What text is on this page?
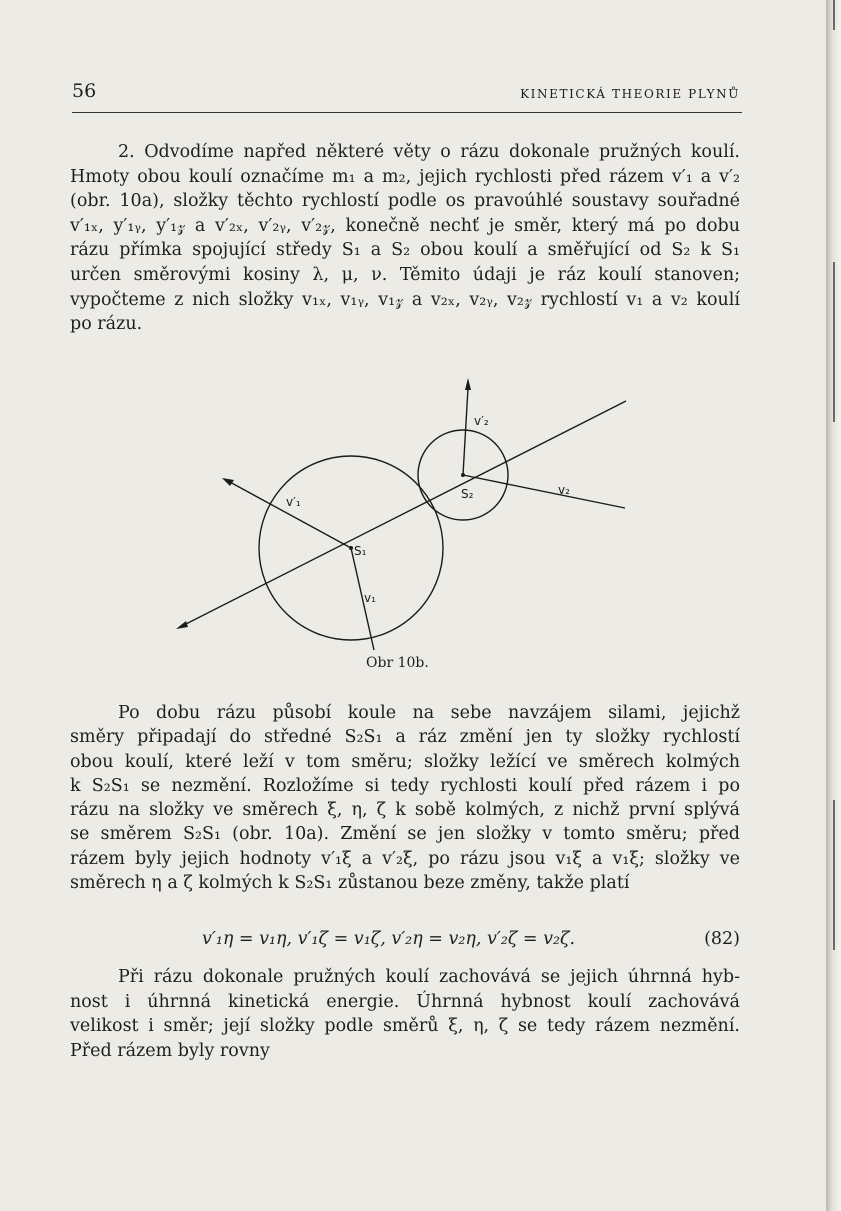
56	KINETICKÁ THEORIE PLYNŮ
2. Odvodíme napřed některé věty o rázu dokonale pružných koulí.
Hmoty obou koulí označíme m₁ a m₂, jejich rychlosti před rázem v′₁ a v′₂
(obr. 10a), složky těchto rychlostí podle os pravoúhlé soustavy souřadné
v′₁ₓ, y′₁ᵧ, y′₁𝓏 a v′₂ₓ, v′₂ᵧ, v′₂𝓏, konečně nechť je směr, který má po dobu
rázu přímka spojující středy S₁ a S₂ obou koulí a směřující od S₂ k S₁
určen směrovými kosiny λ, μ, ν. Těmito údaji je ráz koulí stanoven;
vypočteme z nich složky v₁ₓ, v₁ᵧ, v₁𝓏 a v₂ₓ, v₂ᵧ, v₂𝓏 rychlostí v₁ a v₂ koulí
po rázu.
v′₂
S₂	v₂
v′₁
S₁
v₁
Obr 10b.
Po dobu rázu působí koule na sebe navzájem silami, jejichž
směry připadají do středné S₂S₁ a ráz změní jen ty složky rychlostí
obou koulí, které leží v tom směru; složky ležící ve směrech kolmých
k S₂S₁ se nezmění. Rozložíme si tedy rychlosti koulí před rázem i po
rázu na složky ve směrech ξ, η, ζ k sobě kolmých, z nichž první splývá
se směrem S₂S₁ (obr. 10a). Změní se jen složky v tomto směru; před
rázem byly jejich hodnoty v′₁ξ a v′₂ξ, po rázu jsou v₁ξ a v₁ξ; složky ve
směrech η a ζ kolmých k S₂S₁ zůstanou beze změny, takže platí
v′₁η = v₁η, v′₁ζ = v₁ζ, v′₂η = v₂η, v′₂ζ = v₂ζ.	(82)
Při rázu dokonale pružných koulí zachovává se jejich úhrnná hyb-
nost i úhrnná kinetická energie. Úhrnná hybnost koulí zachovává
velikost i směr; její složky podle směrů ξ, η, ζ se tedy rázem nezmění.
Před rázem byly rovny
